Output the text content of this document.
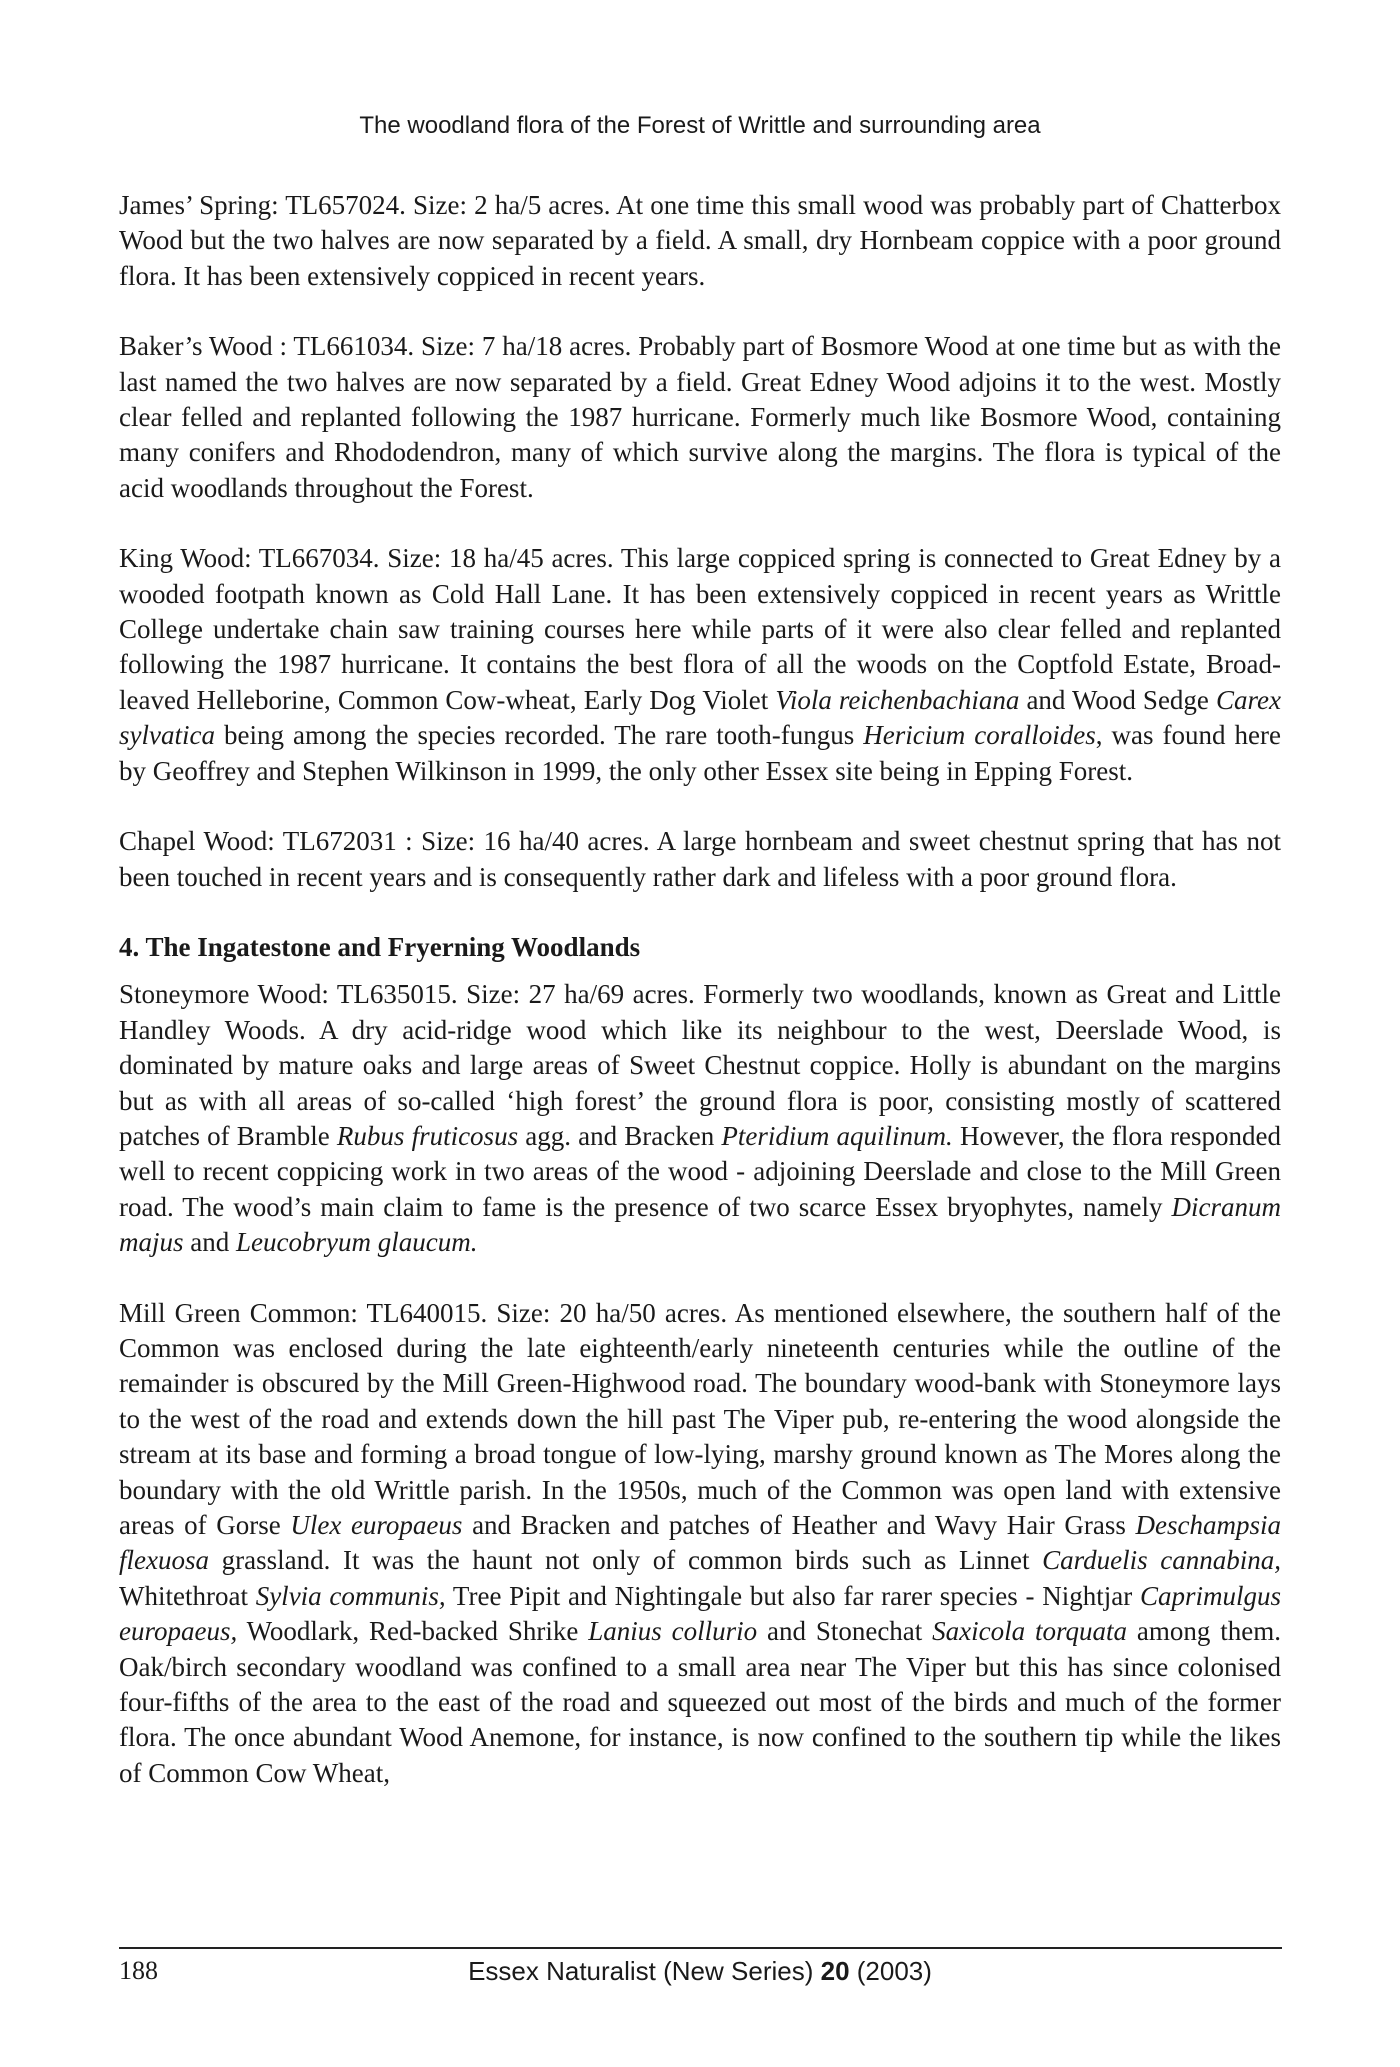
The woodland flora of the Forest of Writtle and surrounding area

James’ Spring: TL657024. Size: 2 ha/5 acres. At one time this small wood was probably part of Chatterbox Wood but the two halves are now separated by a field. A small, dry Hornbeam coppice with a poor ground flora. It has been extensively coppiced in recent years.

Baker’s Wood : TL661034. Size: 7 ha/18 acres. Probably part of Bosmore Wood at one time but as with the last named the two halves are now separated by a field. Great Edney Wood adjoins it to the west. Mostly clear felled and replanted following the 1987 hurricane. Formerly much like Bosmore Wood, containing many conifers and Rhododendron, many of which survive along the margins. The flora is typical of the acid woodlands throughout the Forest.

King Wood: TL667034. Size: 18 ha/45 acres. This large coppiced spring is connected to Great Edney by a wooded footpath known as Cold Hall Lane. It has been extensively coppiced in recent years as Writtle College undertake chain saw training courses here while parts of it were also clear felled and replanted following the 1987 hurricane. It contains the best flora of all the woods on the Coptfold Estate, Broad-leaved Helleborine, Common Cow-wheat, Early Dog Violet Viola reichenbachiana and Wood Sedge Carex sylvatica being among the species recorded. The rare tooth-fungus Hericium coralloides, was found here by Geoffrey and Stephen Wilkinson in 1999, the only other Essex site being in Epping Forest.

Chapel Wood: TL672031 : Size: 16 ha/40 acres. A large hornbeam and sweet chestnut spring that has not been touched in recent years and is consequently rather dark and lifeless with a poor ground flora.

4. The Ingatestone and Fryerning Woodlands

Stoneymore Wood: TL635015. Size: 27 ha/69 acres. Formerly two woodlands, known as Great and Little Handley Woods. A dry acid-ridge wood which like its neighbour to the west, Deerslade Wood, is dominated by mature oaks and large areas of Sweet Chestnut coppice. Holly is abundant on the margins but as with all areas of so-called ‘high forest’ the ground flora is poor, consisting mostly of scattered patches of Bramble Rubus fruticosus agg. and Bracken Pteridium aquilinum. However, the flora responded well to recent coppicing work in two areas of the wood - adjoining Deerslade and close to the Mill Green road. The wood’s main claim to fame is the presence of two scarce Essex bryophytes, namely Dicranum majus and Leucobryum glaucum.

Mill Green Common: TL640015. Size: 20 ha/50 acres. As mentioned elsewhere, the southern half of the Common was enclosed during the late eighteenth/early nineteenth centuries while the outline of the remainder is obscured by the Mill Green-Highwood road. The boundary wood-bank with Stoneymore lays to the west of the road and extends down the hill past The Viper pub, re-entering the wood alongside the stream at its base and forming a broad tongue of low-lying, marshy ground known as The Mores along the boundary with the old Writtle parish. In the 1950s, much of the Common was open land with extensive areas of Gorse Ulex europaeus and Bracken and patches of Heather and Wavy Hair Grass Deschampsia flexuosa grassland. It was the haunt not only of common birds such as Linnet Carduelis cannabina, Whitethroat Sylvia communis, Tree Pipit and Nightingale but also far rarer species - Nightjar Caprimulgus europaeus, Woodlark, Red-backed Shrike Lanius collurio and Stonechat Saxicola torquata among them. Oak/birch secondary woodland was confined to a small area near The Viper but this has since colonised four-fifths of the area to the east of the road and squeezed out most of the birds and much of the former flora. The once abundant Wood Anemone, for instance, is now confined to the southern tip while the likes of Common Cow Wheat,

188	Essex Naturalist (New Series) 20 (2003)
